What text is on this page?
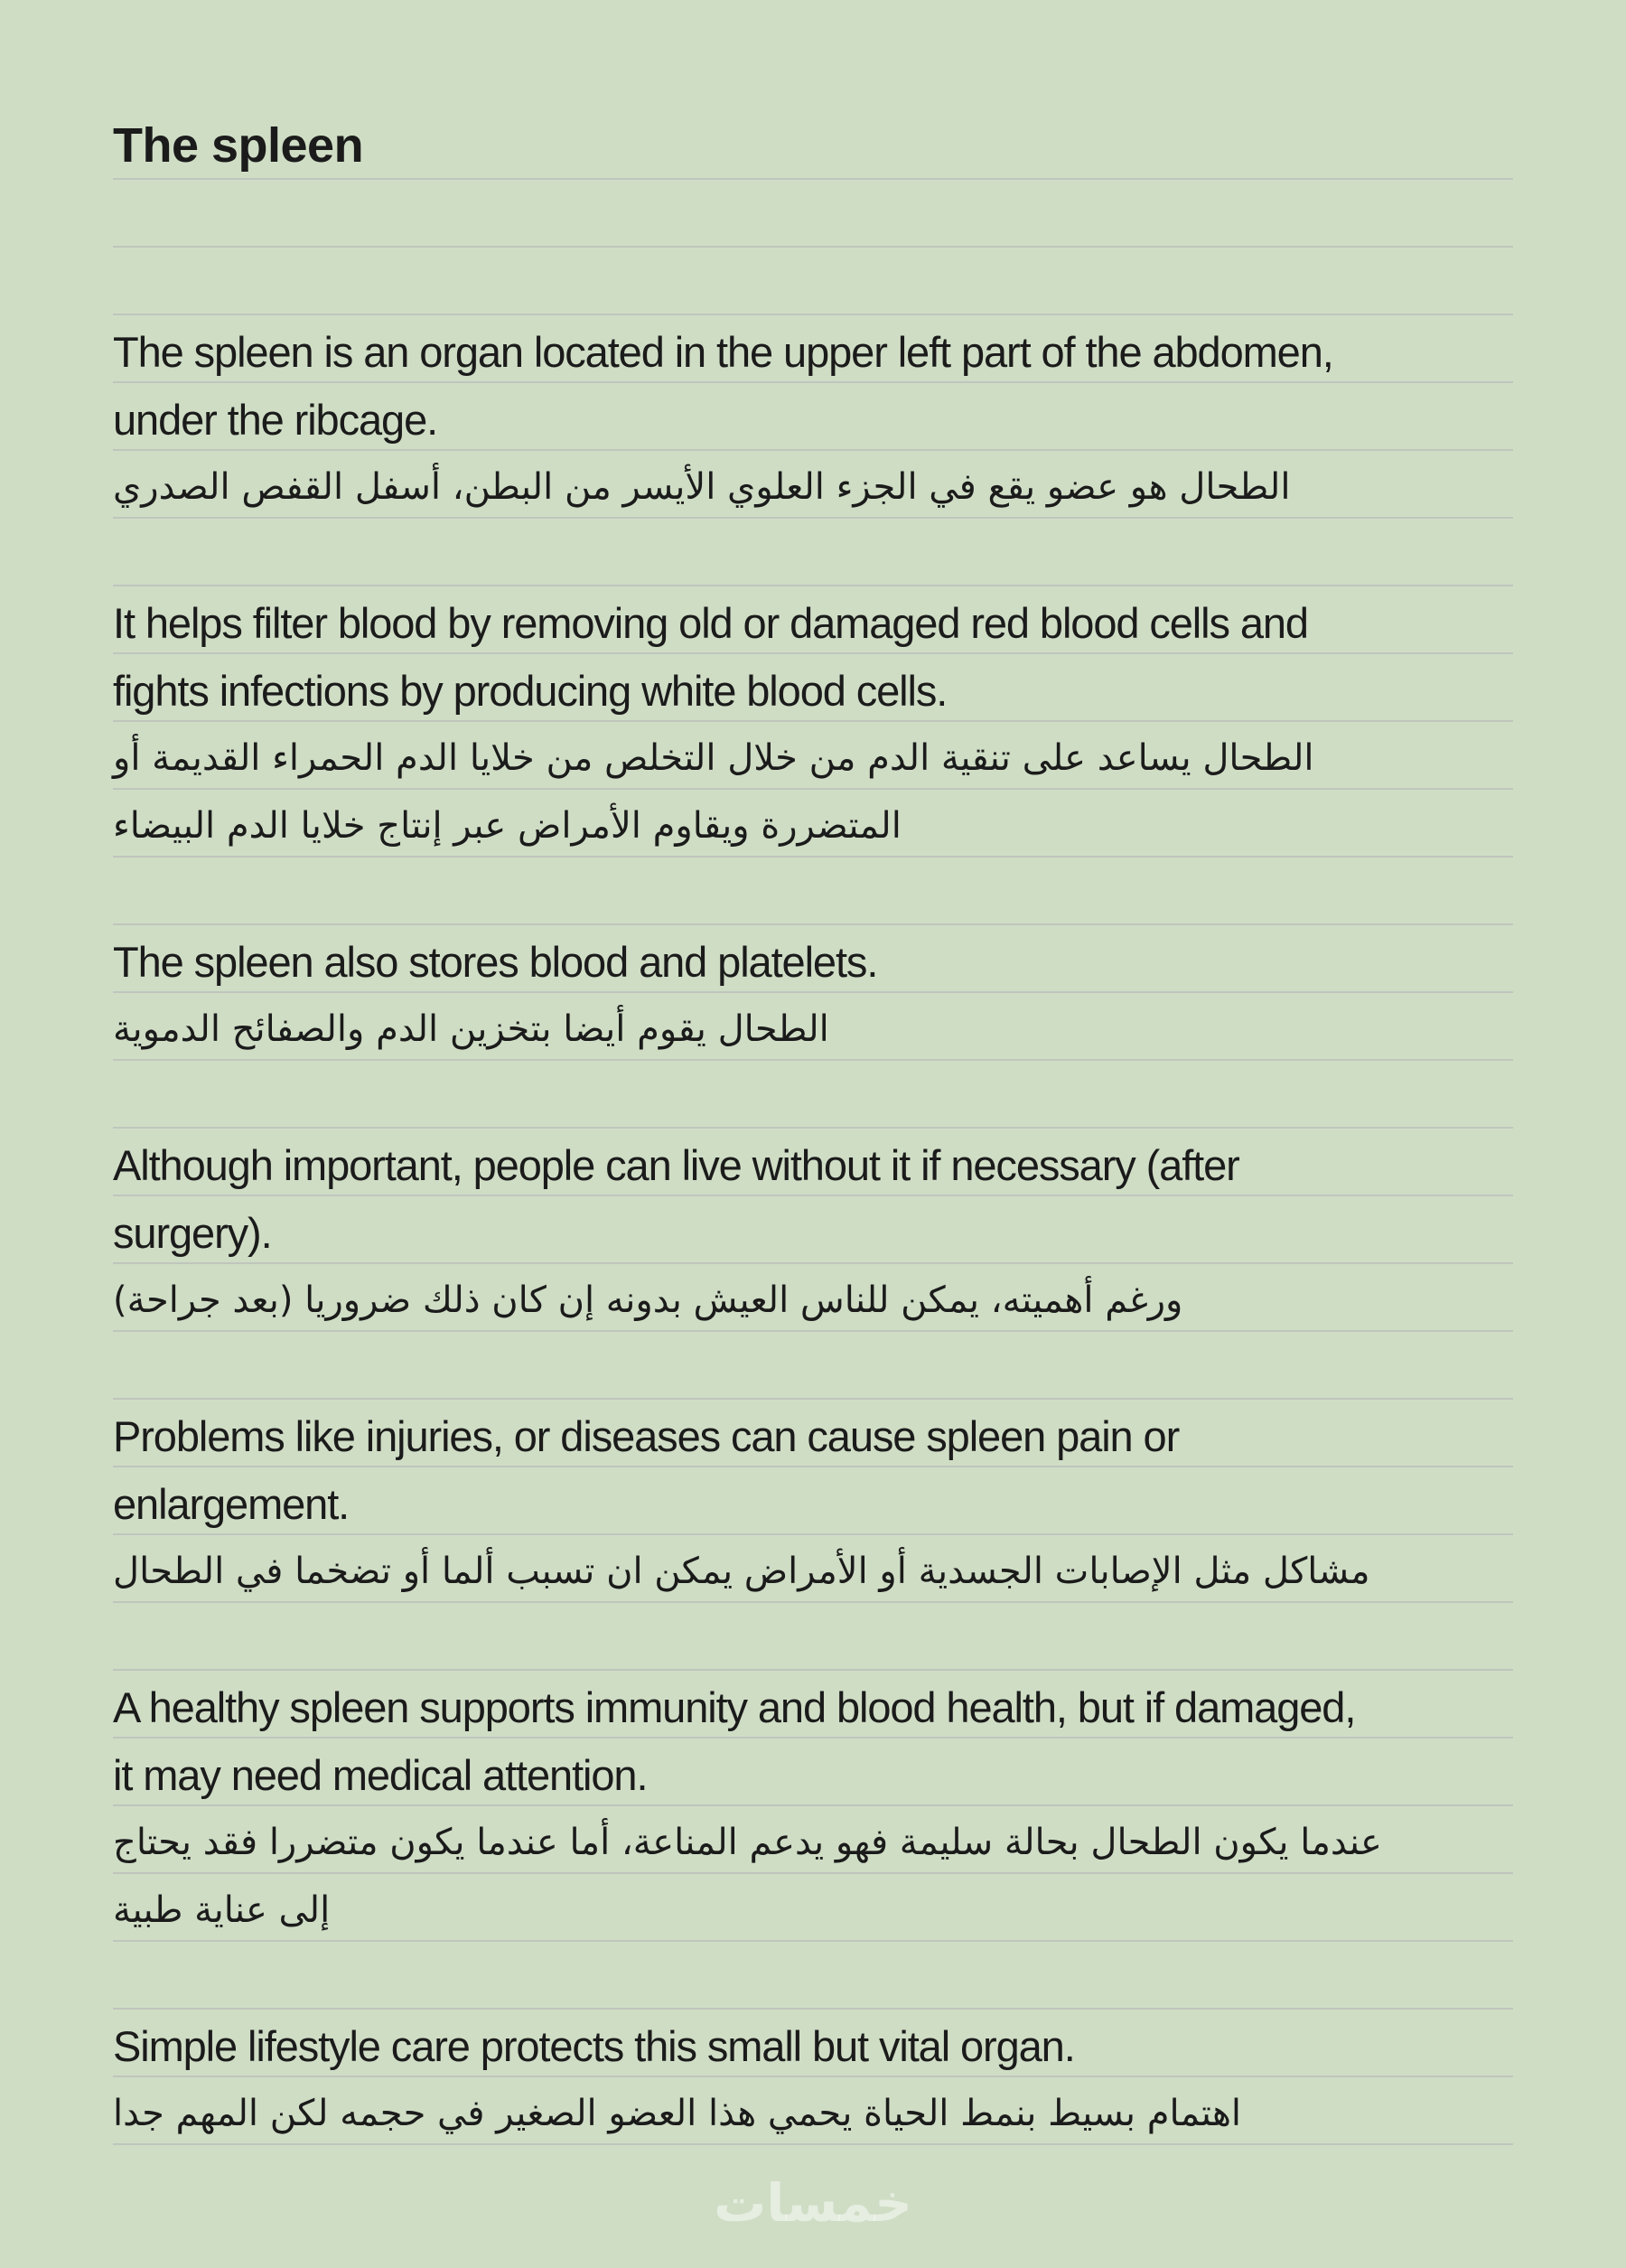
The spleen
The spleen is an organ located in the upper left part of the abdomen,
under the ribcage.
الطحال هو عضو يقع في الجزء العلوي الأيسر من البطن، أسفل القفص الصدري
It helps filter blood by removing old or damaged red blood cells and
fights infections by producing white blood cells.
الطحال يساعد على تنقية الدم من خلال التخلص من خلايا الدم الحمراء القديمة أو
المتضررة ويقاوم الأمراض عبر إنتاج خلايا الدم البيضاء
The spleen also stores blood and platelets.
الطحال يقوم أيضا بتخزين الدم والصفائح الدموية
Although important, people can live without it if necessary (after
surgery).
ورغم أهميته، يمكن للناس العيش بدونه إن كان ذلك ضروريا (بعد جراحة)
Problems like injuries, or diseases can cause spleen pain or
enlargement.
مشاكل مثل الإصابات الجسدية أو الأمراض يمكن ان تسبب ألما أو تضخما في الطحال
A healthy spleen supports immunity and blood health, but if damaged,
it may need medical attention.
عندما يكون الطحال بحالة سليمة فهو يدعم المناعة، أما عندما يكون متضررا فقد يحتاج
إلى عناية طبية
Simple lifestyle care protects this small but vital organ.
اهتمام بسيط بنمط الحياة يحمي هذا العضو الصغير في حجمه لكن المهم جدا
خمسات
